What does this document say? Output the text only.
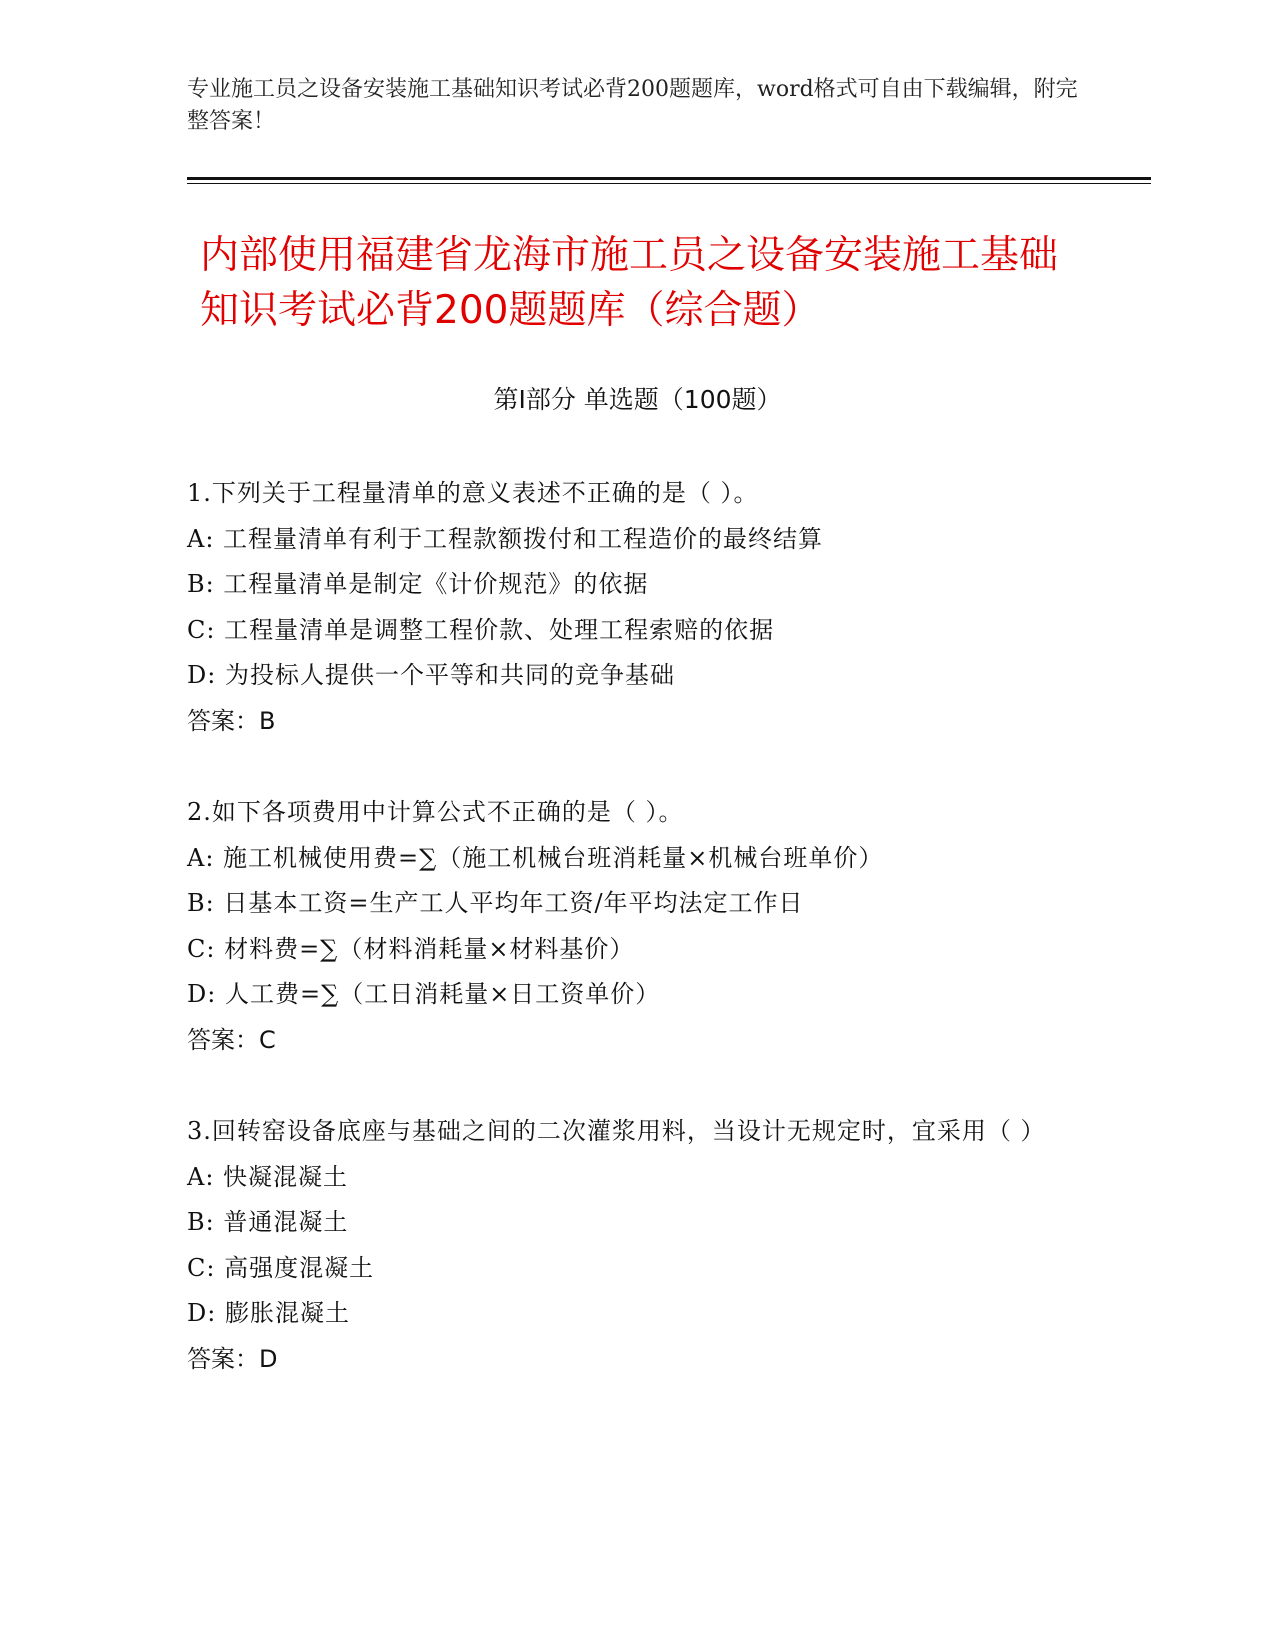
专业施工员之设备安装施工基础知识考试必背200题题库，word格式可自由下载编辑，附完整答案！
内部使用福建省龙海市施工员之设备安装施工基础知识考试必背200题题库（综合题）
第I部分 单选题（100题）
1.下列关于工程量清单的意义表述不正确的是（ ）。
A: 工程量清单有利于工程款额拨付和工程造价的最终结算
B: 工程量清单是制定《计价规范》的依据
C: 工程量清单是调整工程价款、处理工程索赔的依据
D: 为投标人提供一个平等和共同的竞争基础
答案：B
2.如下各项费用中计算公式不正确的是（ ）。
A: 施工机械使用费=∑（施工机械台班消耗量×机械台班单价）
B: 日基本工资=生产工人平均年工资/年平均法定工作日
C: 材料费=∑（材料消耗量×材料基价）
D: 人工费=∑（工日消耗量×日工资单价）
答案：C
3.回转窑设备底座与基础之间的二次灌浆用料，当设计无规定时，宜采用（ ）
A: 快凝混凝土
B: 普通混凝土
C: 高强度混凝土
D: 膨胀混凝土
答案：D
